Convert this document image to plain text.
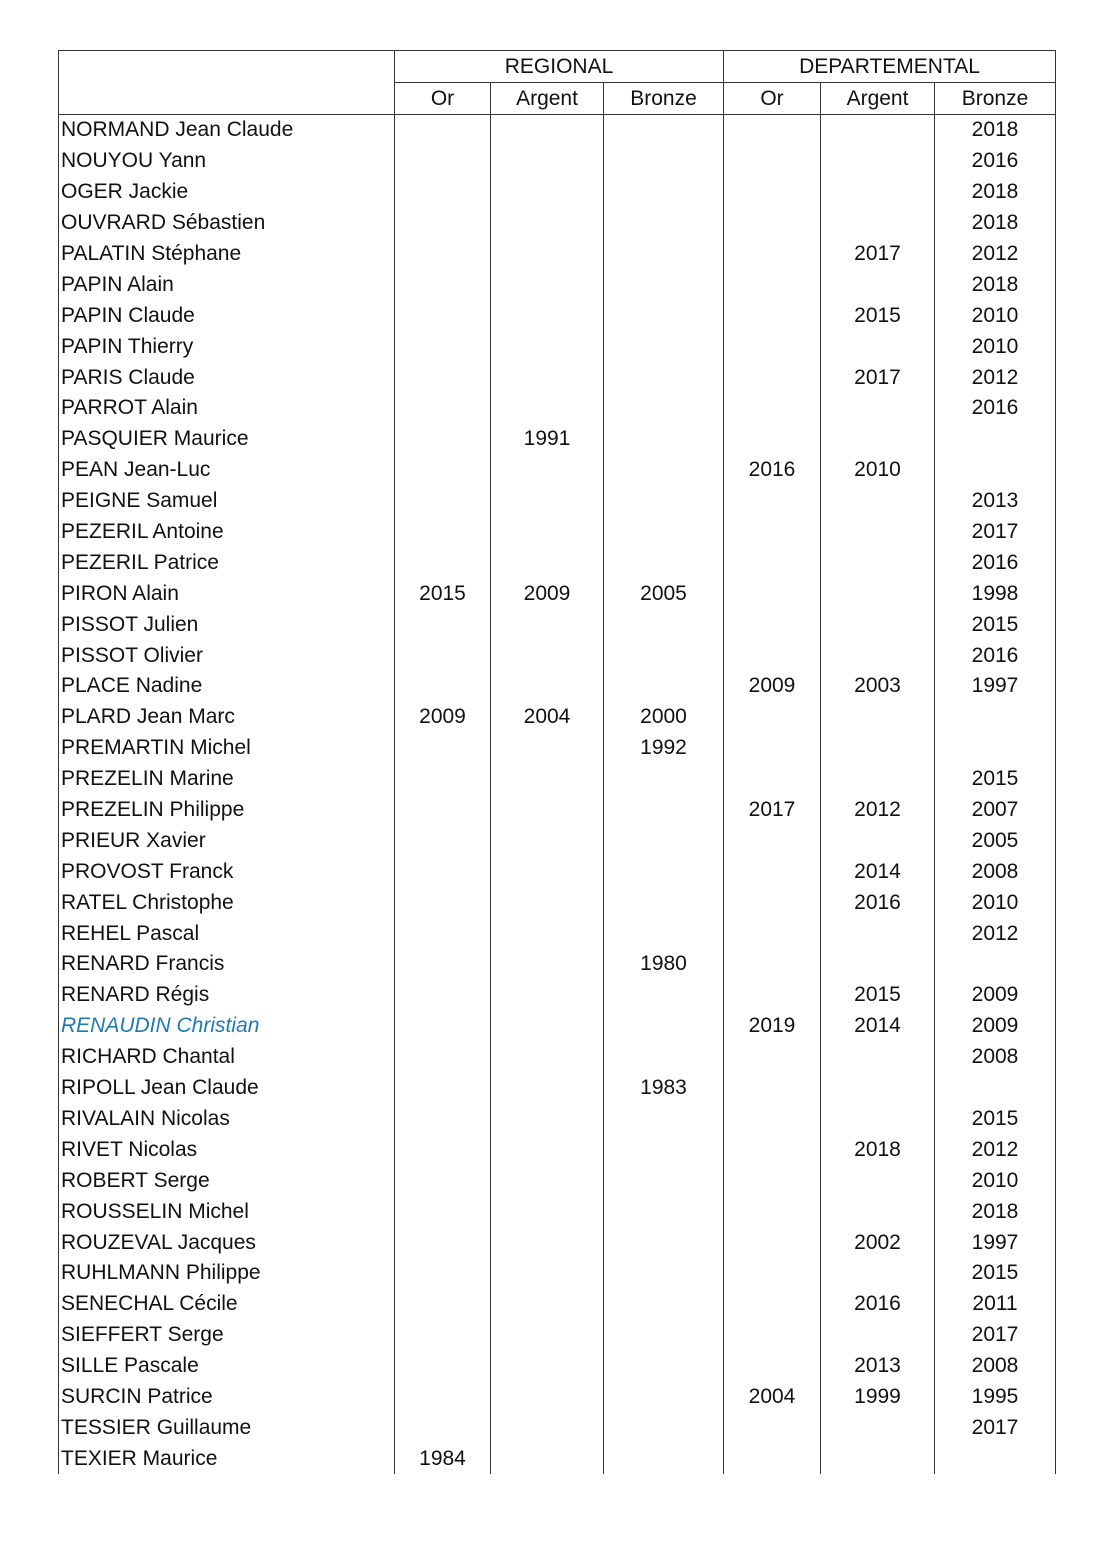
	REGIONAL			DEPARTEMENTAL		
	Or	Argent	Bronze	Or	Argent	Bronze
NORMAND Jean Claude						2018
NOUYOU Yann						2016
OGER Jackie						2018
OUVRARD Sébastien						2018
PALATIN Stéphane					2017	2012
PAPIN Alain						2018
PAPIN Claude					2015	2010
PAPIN Thierry						2010
PARIS Claude					2017	2012
PARROT Alain						2016
PASQUIER Maurice		1991				
PEAN Jean-Luc				2016	2010	
PEIGNE Samuel						2013
PEZERIL Antoine						2017
PEZERIL Patrice						2016
PIRON Alain	2015	2009	2005			1998
PISSOT Julien						2015
PISSOT Olivier						2016
PLACE Nadine				2009	2003	1997
PLARD Jean Marc	2009	2004	2000			
PREMARTIN Michel			1992			
PREZELIN Marine						2015
PREZELIN Philippe				2017	2012	2007
PRIEUR Xavier						2005
PROVOST Franck					2014	2008
RATEL Christophe					2016	2010
REHEL Pascal						2012
RENARD Francis			1980			
RENARD Régis					2015	2009
RENAUDIN Christian				2019	2014	2009
RICHARD Chantal						2008
RIPOLL Jean Claude			1983			
RIVALAIN Nicolas						2015
RIVET Nicolas					2018	2012
ROBERT Serge						2010
ROUSSELIN Michel						2018
ROUZEVAL Jacques					2002	1997
RUHLMANN Philippe						2015
SENECHAL Cécile					2016	2011
SIEFFERT Serge						2017
SILLE Pascale					2013	2008
SURCIN Patrice				2004	1999	1995
TESSIER Guillaume						2017
TEXIER Maurice	1984					
